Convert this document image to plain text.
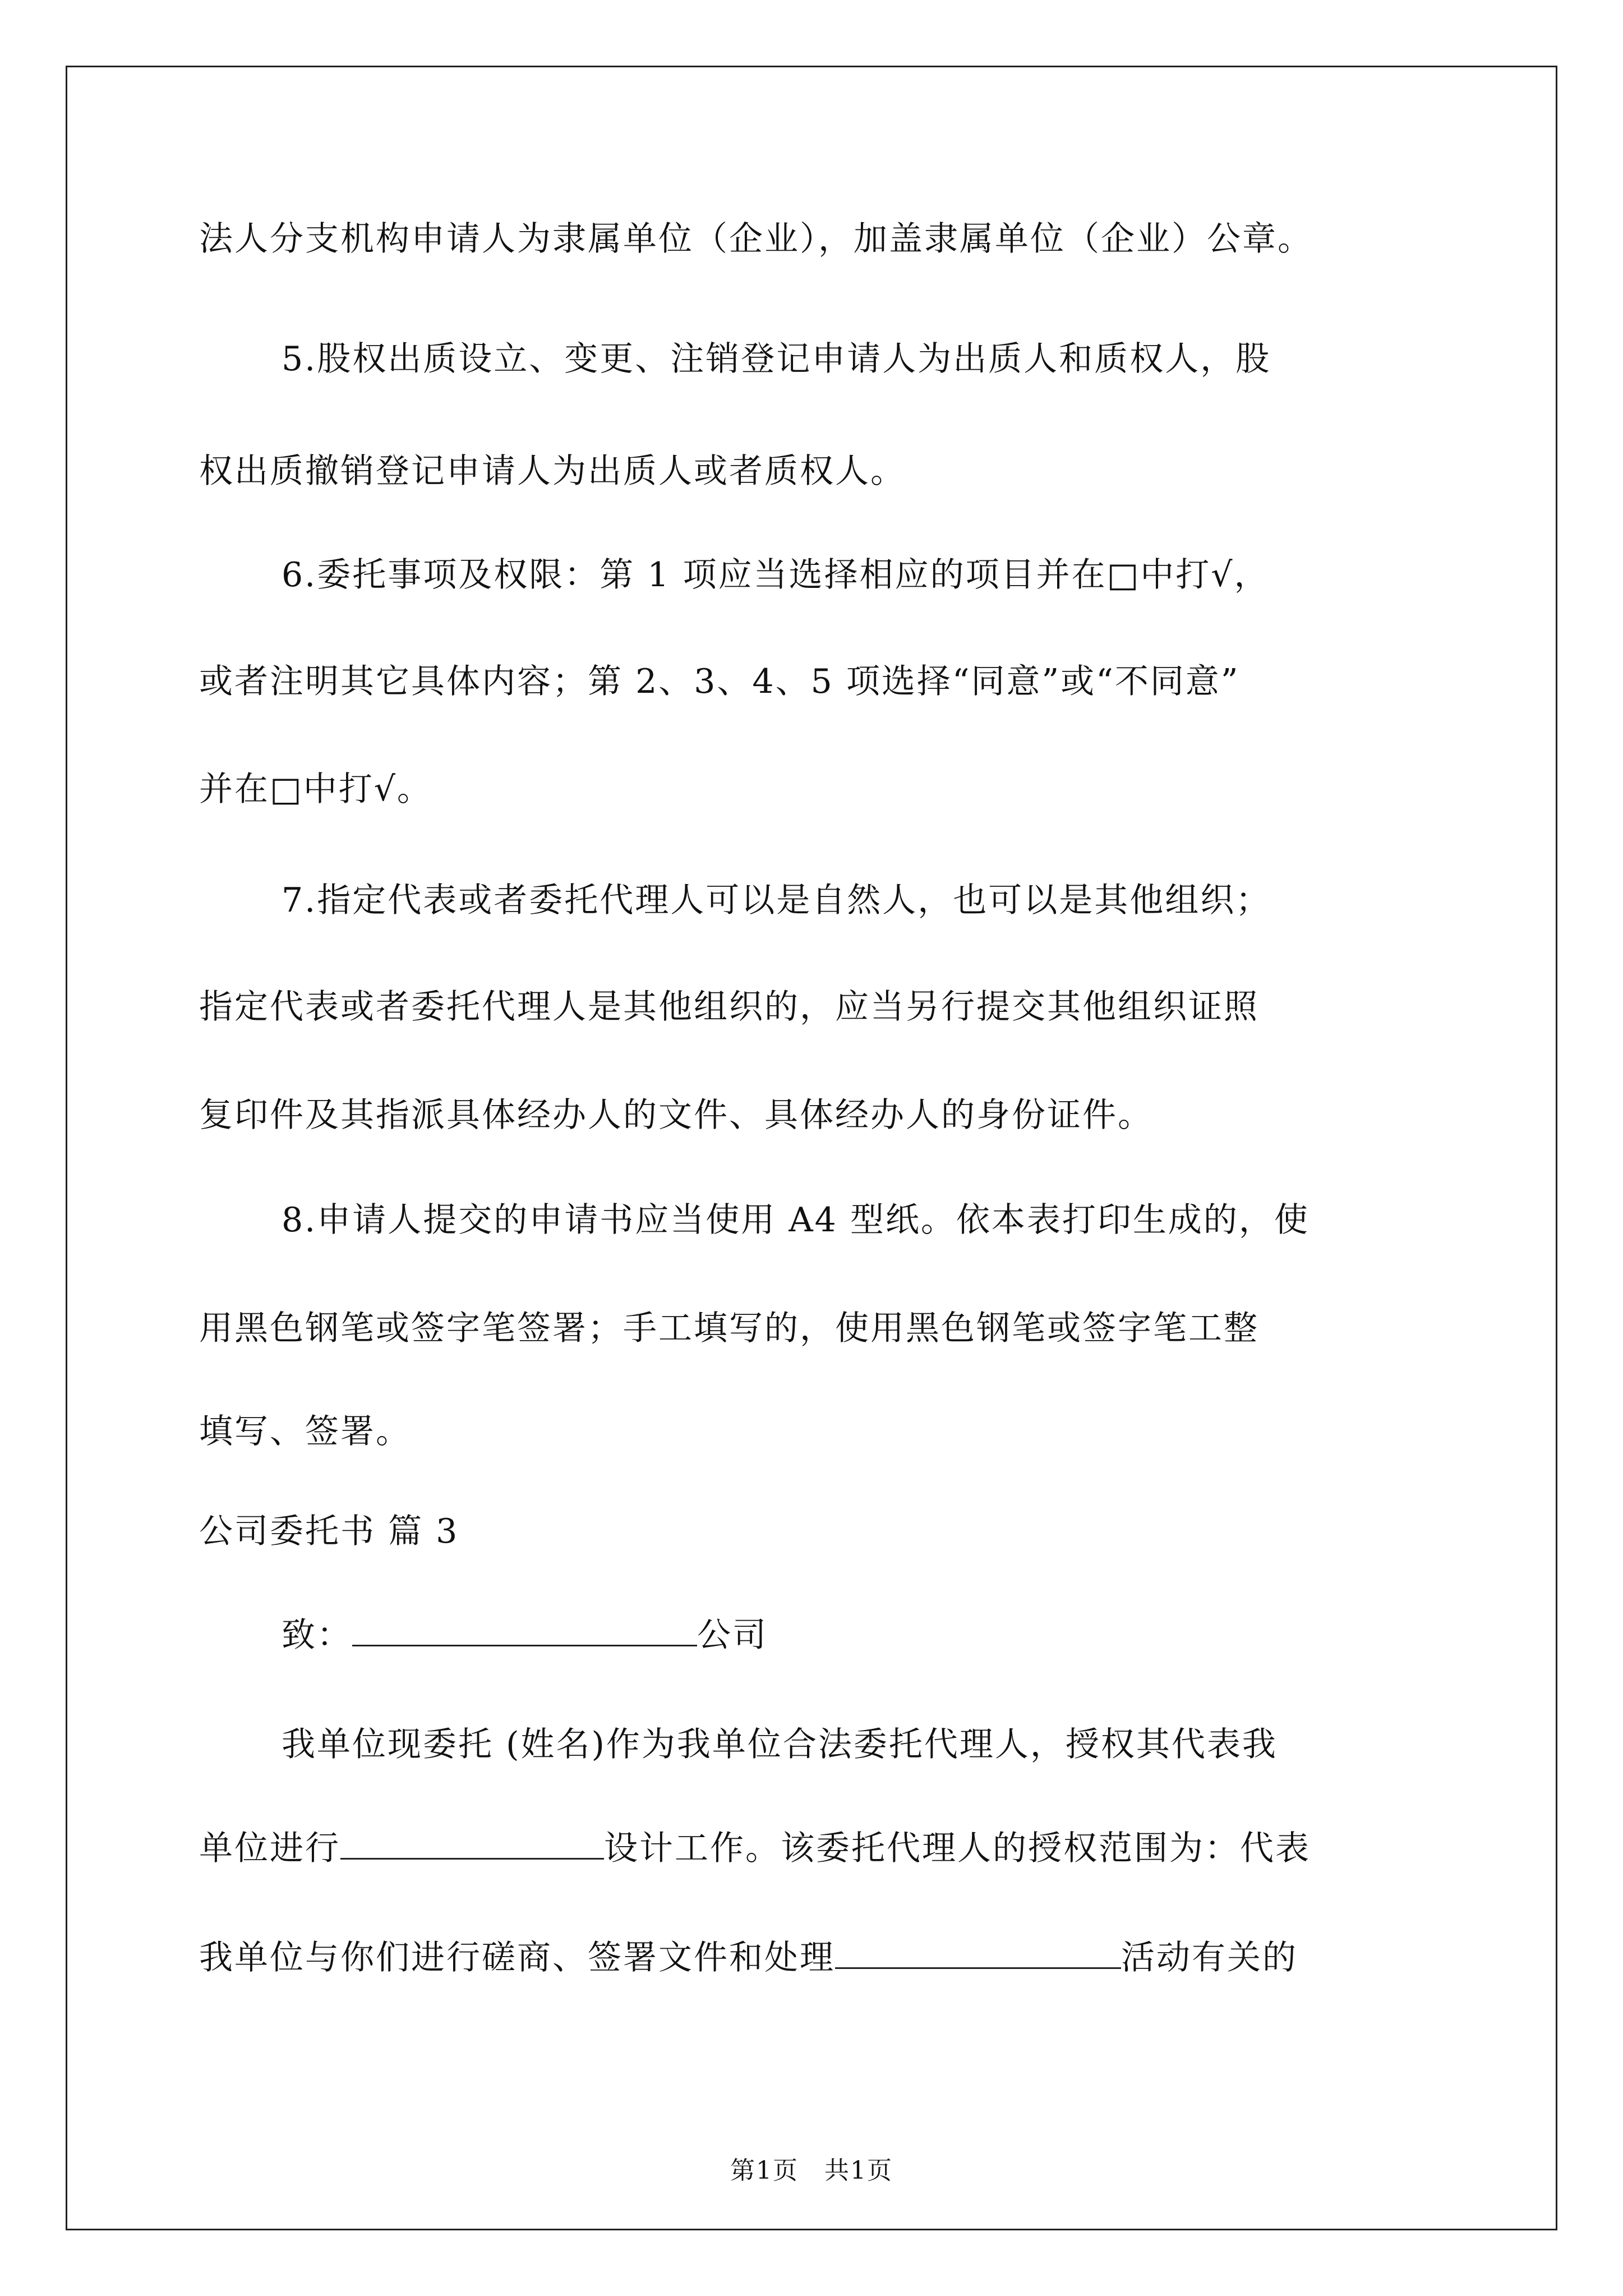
法人分支机构申请人为隶属单位（企业），加盖隶属单位（企业）公章。
5.股权出质设立、变更、注销登记申请人为出质人和质权人，股
权出质撤销登记申请人为出质人或者质权人。
6.委托事项及权限：第 1 项应当选择相应的项目并在□中打√，
或者注明其它具体内容；第 2、3、4、5 项选择“同意”或“不同意”
并在□中打√。
7.指定代表或者委托代理人可以是自然人，也可以是其他组织；
指定代表或者委托代理人是其他组织的，应当另行提交其他组织证照
复印件及其指派具体经办人的文件、具体经办人的身份证件。
8.申请人提交的申请书应当使用 A4 型纸。依本表打印生成的，使
用黑色钢笔或签字笔签署；手工填写的，使用黑色钢笔或签字笔工整
填写、签署。
公司委托书 篇 3
致：	公司
我单位现委托 (姓名)作为我单位合法委托代理人，授权其代表我
单位进行	设计工作。该委托代理人的授权范围为：代表
我单位与你们进行磋商、签署文件和处理	活动有关的
第1页　共1页
